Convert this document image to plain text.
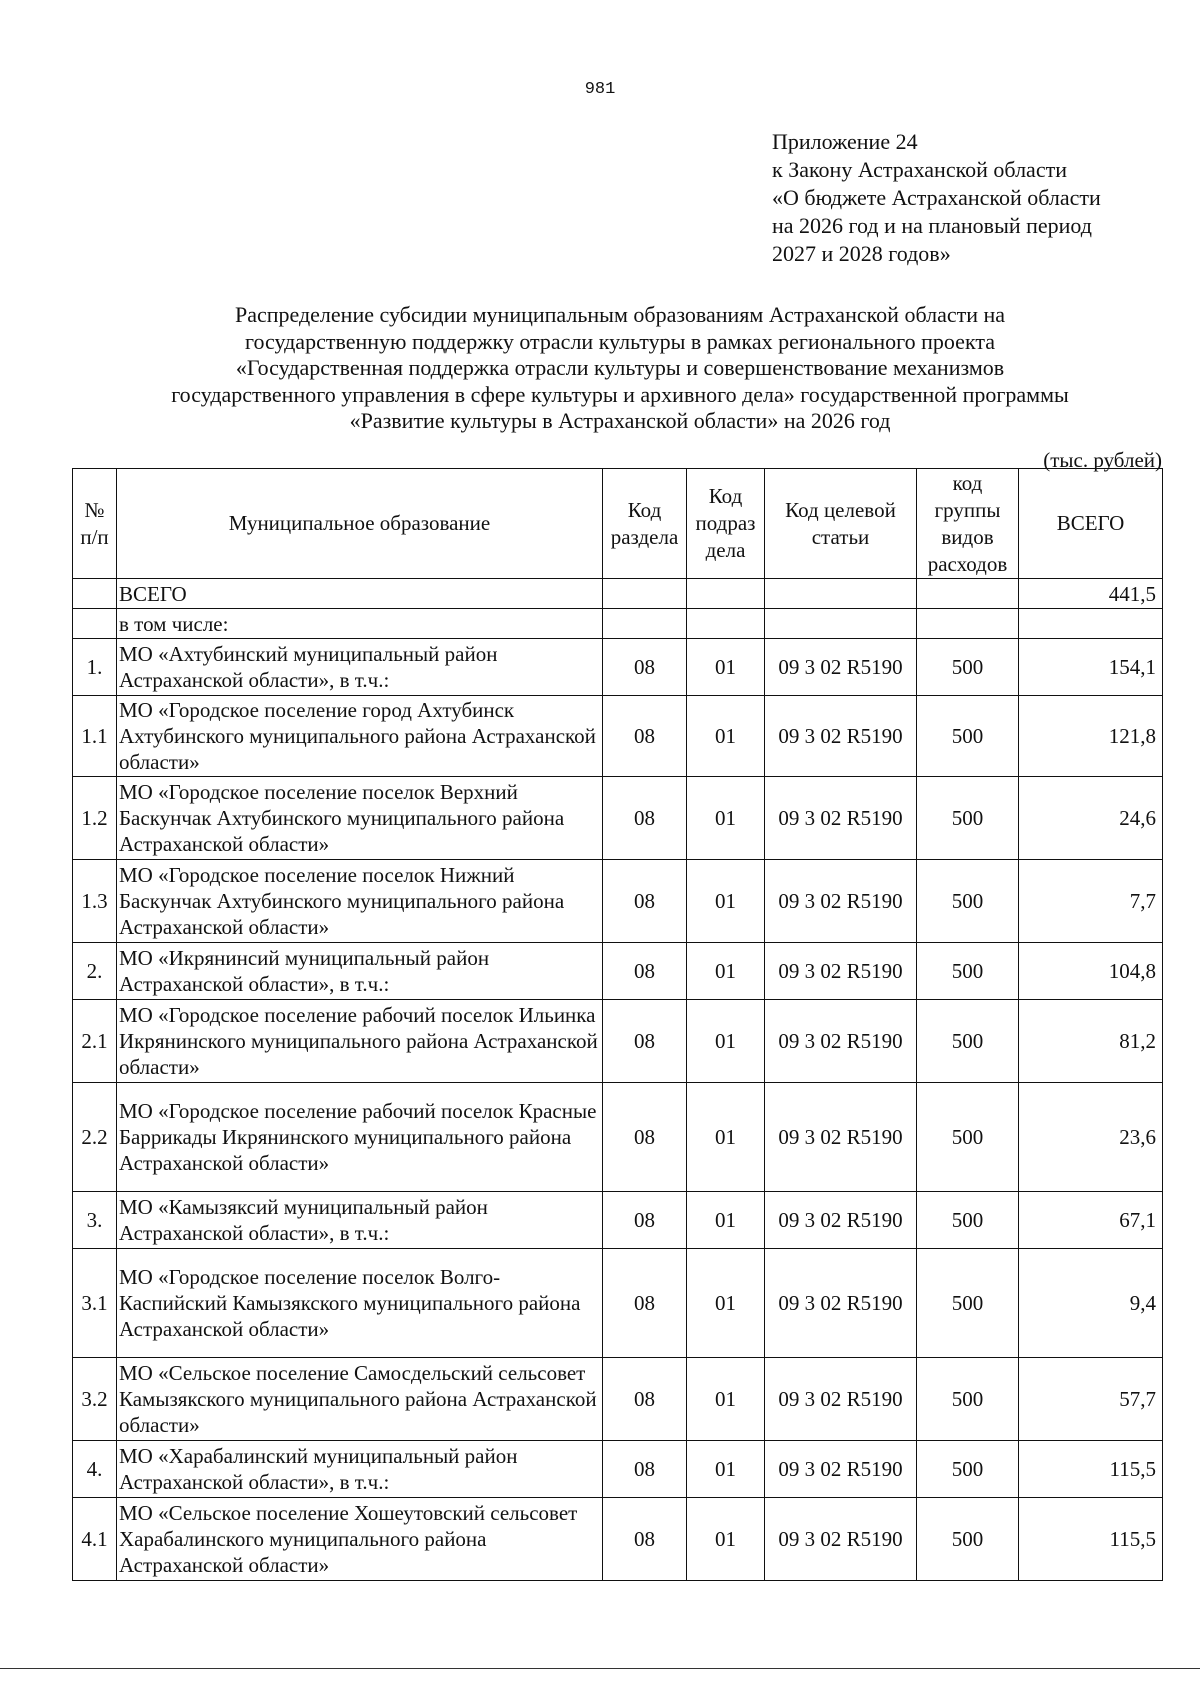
981
Приложение 24
к Закону Астраханской области
«О бюджете Астраханской области
на 2026 год и на плановый период
2027 и 2028 годов»
Распределение субсидии муниципальным образованиям Астраханской области на
государственную поддержку отрасли культуры в рамках регионального проекта
«Государственная поддержка отрасли культуры и совершенствование механизмов
государственного управления в сфере культуры и архивного дела» государственной программы
«Развитие культуры в Астраханской области» на 2026 год
(тыс. рублей)
№ п/п	Муниципальное образование	Код раздела	Код подраз дела	Код целевой статьи	код группы видов расходов	ВСЕГО
	ВСЕГО					441,5
	в том числе:					
1.	МО «Ахтубинский муниципальный район Астраханской области», в т.ч.:	08	01	09 3 02 R5190	500	154,1
1.1	МО «Городское поселение город Ахтубинск Ахтубинского муниципального района Астраханской области»	08	01	09 3 02 R5190	500	121,8
1.2	МО «Городское поселение поселок Верхний Баскунчак Ахтубинского муниципального района Астраханской области»	08	01	09 3 02 R5190	500	24,6
1.3	МО «Городское поселение поселок Нижний Баскунчак Ахтубинского муниципального района Астраханской области»	08	01	09 3 02 R5190	500	7,7
2.	МО «Икрянинсий муниципальный район Астраханской области», в т.ч.:	08	01	09 3 02 R5190	500	104,8
2.1	МО «Городское поселение рабочий поселок Ильинка Икрянинского муниципального района Астраханской области»	08	01	09 3 02 R5190	500	81,2
2.2	МО «Городское поселение рабочий поселок Красные Баррикады Икрянинского муниципального района Астраханской области»	08	01	09 3 02 R5190	500	23,6
3.	МО «Камызяксий муниципальный район Астраханской области», в т.ч.:	08	01	09 3 02 R5190	500	67,1
3.1	МО «Городское поселение поселок Волго-Каспийский Камызякского муниципального района Астраханской области»	08	01	09 3 02 R5190	500	9,4
3.2	МО «Сельское поселение Самосдельский сельсовет Камызякского муниципального района Астраханской области»	08	01	09 3 02 R5190	500	57,7
4.	МО «Харабалинский муниципальный район Астраханской области», в т.ч.:	08	01	09 3 02 R5190	500	115,5
4.1	МО «Сельское поселение Хошеутовский сельсовет Харабалинского муниципального района Астраханской области»	08	01	09 3 02 R5190	500	115,5
